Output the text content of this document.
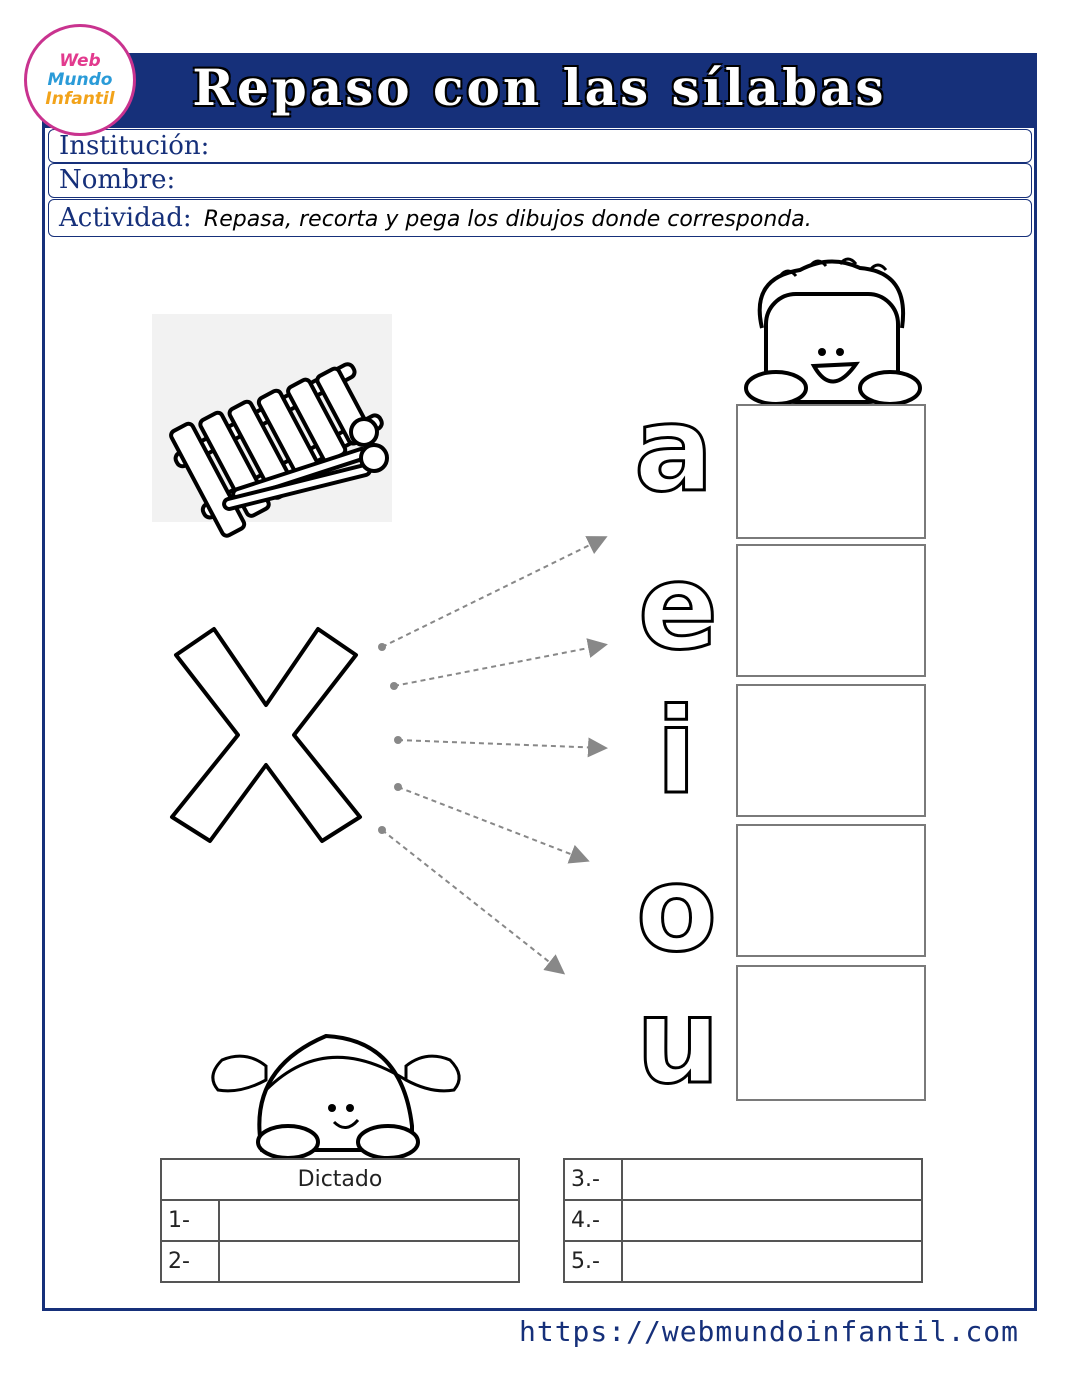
Web
Mundo
Infantil	Repaso con las sílabas
Institución:
Nombre:
Actividad: Repasa, recorta y pega los dibujos donde corresponda.
a
e
i
o
u
Dictado	
1-	
2-	
3.-	
4.-	
5.-	
https://webmundoinfantil.com
